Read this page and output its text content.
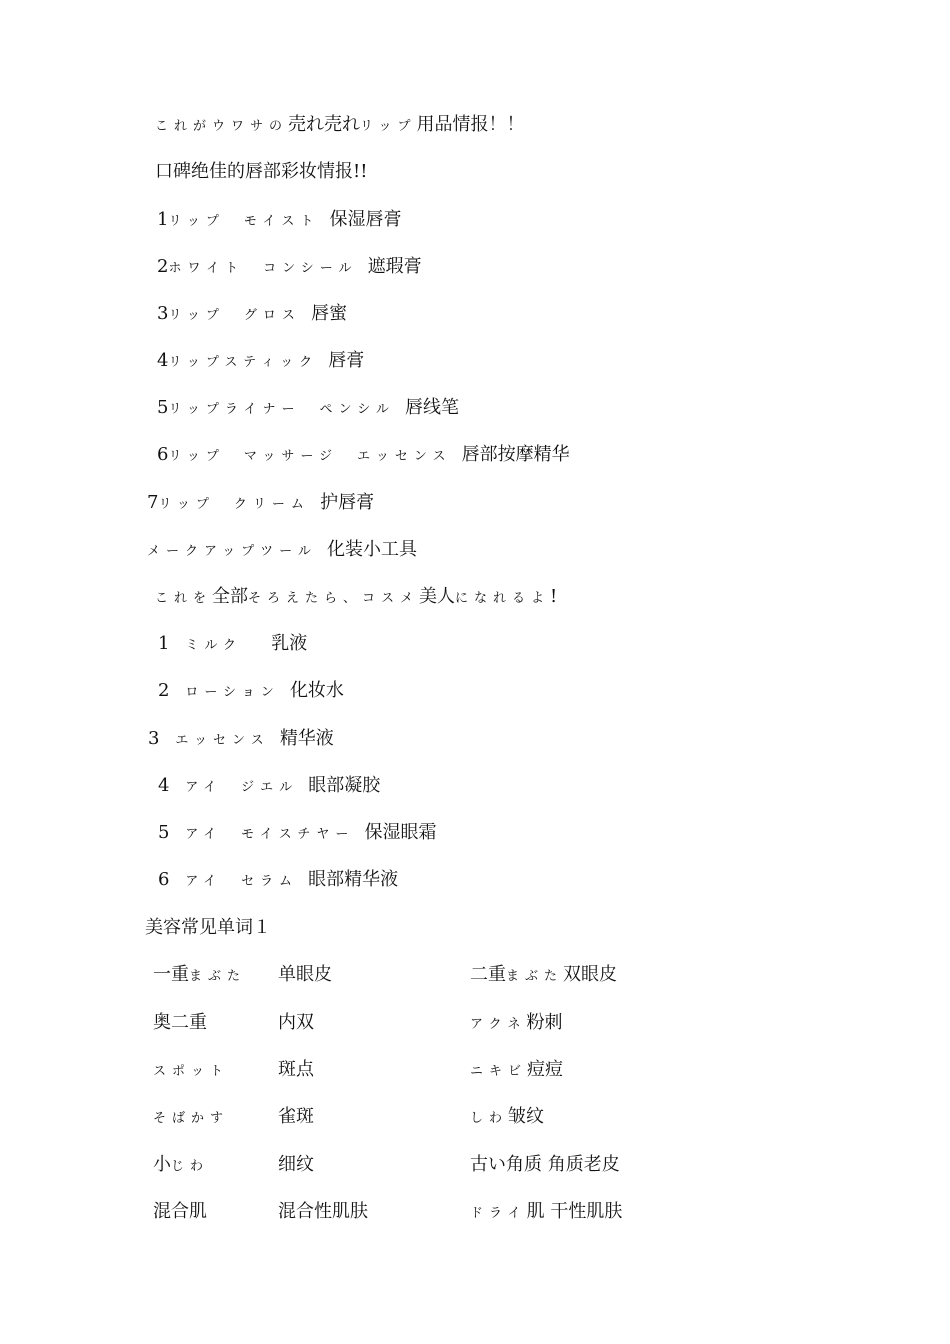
これがウワサの売れ売れリップ用品情报！！
口碑绝佳的唇部彩妆情报!!
1リップ　モイスト 保湿唇膏
2ホワイト　コンシール 遮瑕膏
3リップ　グロス 唇蜜
4リップスティック 唇膏
5リップライナー　ペンシル 唇线笔
6リップ　マッサージ　エッセンス 唇部按摩精华
7リップ　クリーム 护唇膏
メークアップツール 化装小工具
これを全部そろえたら、コスメ美人になれるよ!
1  ミルク　 乳液
2  ローション 化妆水
3  エッセンス 精华液
4  アイ　ジエル 眼部凝胶
5  アイ　モイスチヤー 保湿眼霜
6  アイ　セラム 眼部精华液
美容常见单词１
一重まぶた 单眼皮	二重まぶた双眼皮
奥二重	内双	アクネ粉刺
スポット	斑点	ニキビ痘痘
そばかす	雀斑	しわ皱纹
小じわ	细纹	古い角质 角质老皮
混合肌	混合性肌肤	ドライ肌 干性肌肤
